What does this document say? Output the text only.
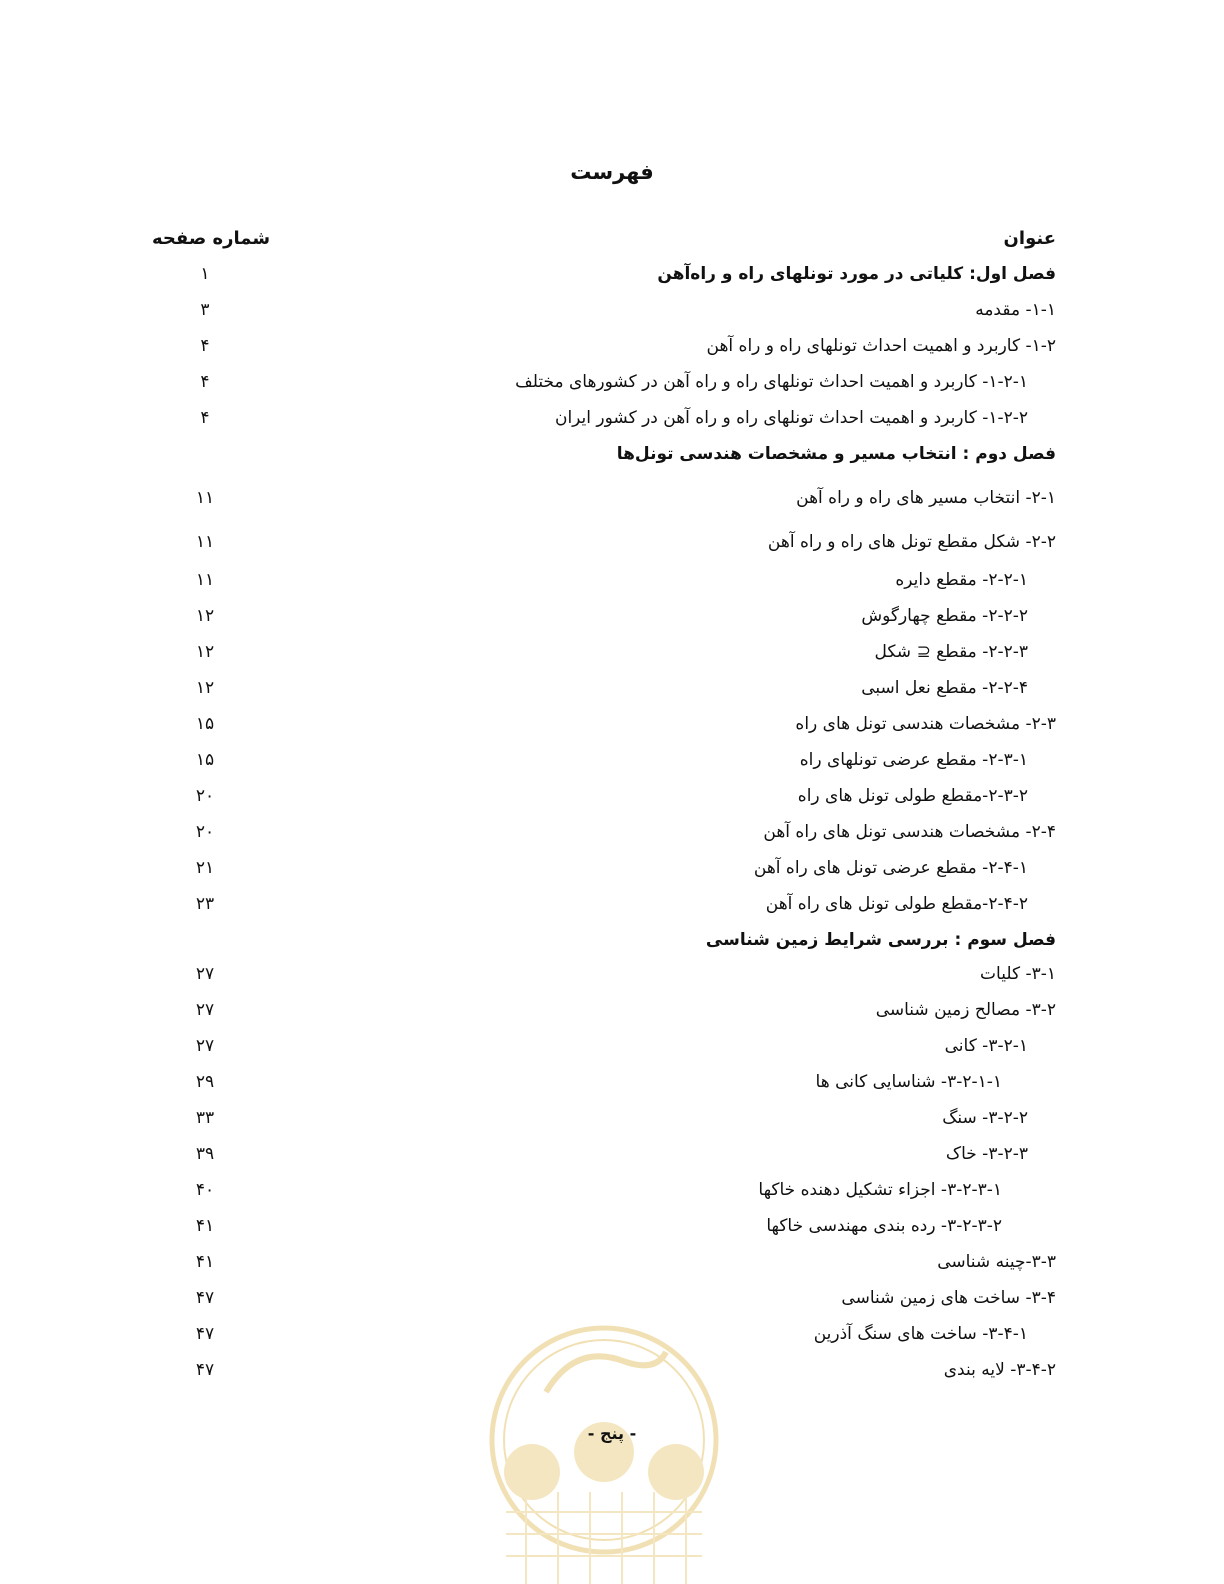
فهرست
عنوان
شماره صفحه
فصل اول: کلیاتی در مورد تونلهای راه و راه‌آهن
۱
۱-۱- مقدمه
۳
۱-۲- کاربرد و اهمیت احداث تونلهای راه و راه آهن
۴
۱-۲-۱- کاربرد و اهمیت احداث تونلهای راه و راه آهن در کشورهای مختلف
۴
۱-۲-۲- کاربرد و اهمیت احداث تونلهای راه و راه آهن در کشور ایران
۴
فصل دوم : انتخاب مسیر و مشخصات هندسی تونل‌ها
۲-۱- انتخاب مسیر های راه و راه آهن
۱۱
۲-۲- شکل مقطع تونل های راه و راه آهن
۱۱
۲-۲-۱- مقطع دایره
۱۱
۲-۲-۲- مقطع چهارگوش
۱۲
۲-۲-۳- مقطع ⊆ شکل
۱۲
۲-۲-۴- مقطع نعل اسبی
۱۲
۲-۳- مشخصات هندسی تونل های راه
۱۵
۲-۳-۱- مقطع عرضی تونلهای راه
۱۵
۲-۳-۲-مقطع طولی تونل های راه
۲۰
۲-۴- مشخصات هندسی تونل های راه آهن
۲۰
۲-۴-۱- مقطع عرضی تونل های راه آهن
۲۱
۲-۴-۲-مقطع طولی تونل های راه آهن
۲۳
فصل سوم : بررسی شرایط زمین شناسی
۳-۱- کلیات
۲۷
۳-۲- مصالح زمین شناسی
۲۷
۳-۲-۱- کانی
۲۷
۳-۲-۱-۱- شناسایی کانی ها
۲۹
۳-۲-۲- سنگ
۳۳
۳-۲-۳- خاک
۳۹
۳-۲-۳-۱- اجزاء تشکیل دهنده خاکها
۴۰
۳-۲-۳-۲- رده بندی مهندسی خاکها
۴۱
۳-۳-چینه شناسی
۴۱
۳-۴- ساخت های زمین شناسی
۴۷
۳-۴-۱- ساخت های سنگ آذرین
۴۷
۳-۴-۲- لایه بندی
۴۷
- پنج -
